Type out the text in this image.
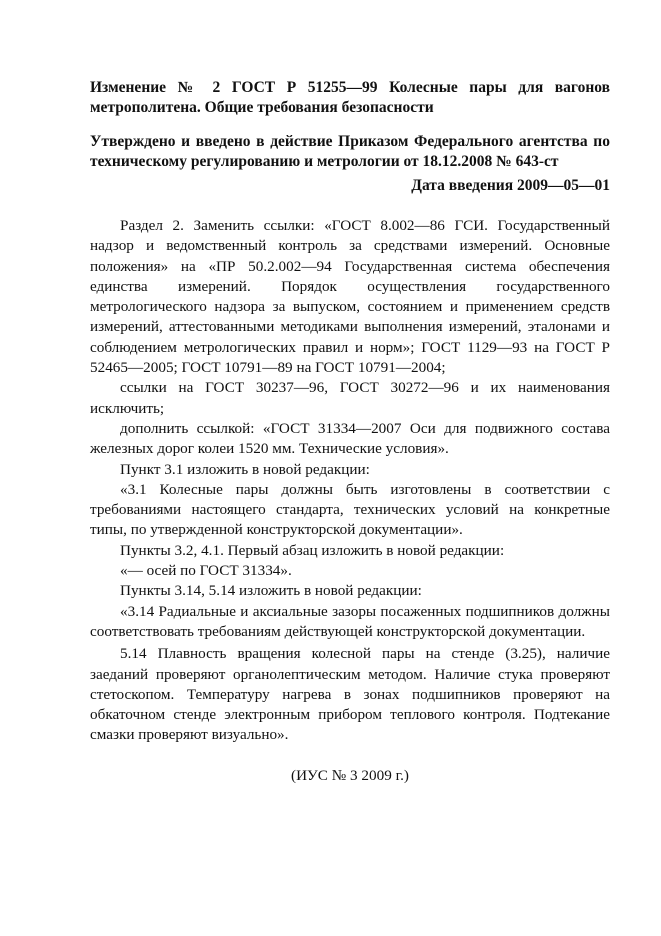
Изменение № 2 ГОСТ Р 51255—99 Колесные пары для вагонов метрополитена. Общие требования безопасности

Утверждено и введено в действие Приказом Федерального агентства по техническому регулированию и метрологии от 18.12.2008 № 643-ст

Дата введения 2009—05—01

Раздел 2. Заменить ссылки: «ГОСТ 8.002—86 ГСИ. Государственный надзор и ведомственный контроль за средствами измерений. Основные положения» на «ПР 50.2.002—94 Государственная система обеспечения единства измерений. Порядок осуществления государственного метрологического надзора за выпуском, состоянием и применением средств измерений, аттестованными методиками выполнения измерений, эталонами и соблюдением метрологических правил и норм»; ГОСТ 1129—93 на ГОСТ Р 52465—2005; ГОСТ 10791—89 на ГОСТ 10791—2004;

ссылки на ГОСТ 30237—96, ГОСТ 30272—96 и их наименования исключить;

дополнить ссылкой: «ГОСТ 31334—2007 Оси для подвижного состава железных дорог колеи 1520 мм. Технические условия».

Пункт 3.1 изложить в новой редакции:

«3.1 Колесные пары должны быть изготовлены в соответствии с требованиями настоящего стандарта, технических условий на конкретные типы, по утвержденной конструкторской документации».

Пункты 3.2, 4.1. Первый абзац изложить в новой редакции:

«— осей по ГОСТ 31334».

Пункты 3.14, 5.14 изложить в новой редакции:

«3.14 Радиальные и аксиальные зазоры посаженных подшипников должны соответствовать требованиям действующей конструкторской документации.

5.14 Плавность вращения колесной пары на стенде (3.25), наличие заеданий проверяют органолептическим методом. Наличие стука проверяют стетоскопом. Температуру нагрева в зонах подшипников проверяют на обкаточном стенде электронным прибором теплового контроля. Подтекание смазки проверяют визуально».

(ИУС № 3 2009 г.)
